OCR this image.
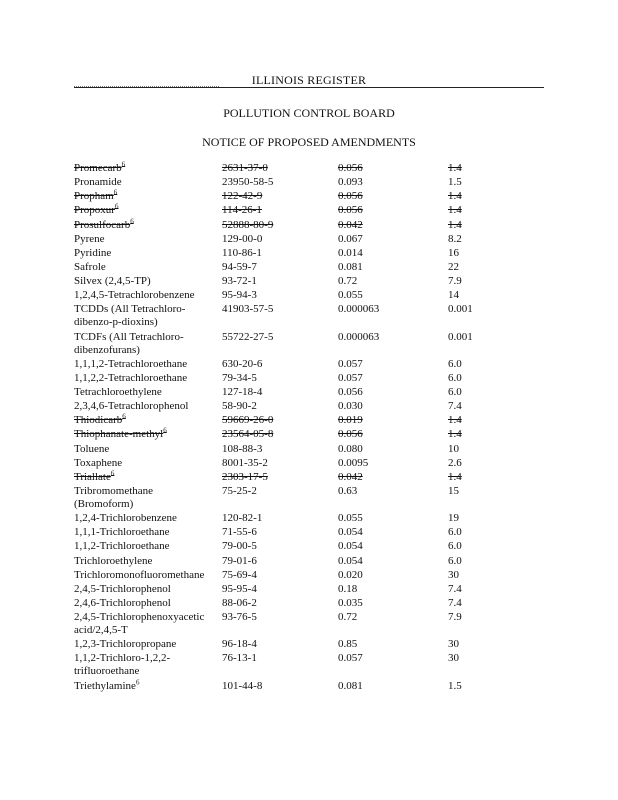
ILLINOIS REGISTER
POLLUTION CONTROL BOARD
NOTICE OF PROPOSED AMENDMENTS
Promecarb$^6$	2631-37-0	0.056	1.4
Pronamide	23950-58-5	0.093	1.5
Propham$^6$	122-42-9	0.056	1.4
Propoxur$^6$	114-26-1	0.056	1.4
Prosulfocarb$^6$	52888-80-9	0.042	1.4
Pyrene	129-00-0	0.067	8.2
Pyridine	110-86-1	0.014	16
Safrole	94-59-7	0.081	22
Silvex (2,4,5-TP)	93-72-1	0.72	7.9
1,2,4,5-Tetrachlorobenzene	95-94-3	0.055	14
TCDDs (All Tetrachloro-
dibenzo-p-dioxins)	41903-57-5	0.000063	0.001
TCDFs (All Tetrachloro-
dibenzofurans)	55722-27-5	0.000063	0.001
1,1,1,2-Tetrachloroethane	630-20-6	0.057	6.0
1,1,2,2-Tetrachloroethane	79-34-5	0.057	6.0
Tetrachloroethylene	127-18-4	0.056	6.0
2,3,4,6-Tetrachlorophenol	58-90-2	0.030	7.4
Thiodicarb$^6$	59669-26-0	0.019	1.4
Thiophanate-methyl$^6$	23564-05-8	0.056	1.4
Toluene	108-88-3	0.080	10
Toxaphene	8001-35-2	0.0095	2.6
Triallate$^6$	2303-17-5	0.042	1.4
Tribromomethane
(Bromoform)	75-25-2	0.63	15
1,2,4-Trichlorobenzene	120-82-1	0.055	19
1,1,1-Trichloroethane	71-55-6	0.054	6.0
1,1,2-Trichloroethane	79-00-5	0.054	6.0
Trichloroethylene	79-01-6	0.054	6.0
Trichloromonofluoromethane	75-69-4	0.020	30
2,4,5-Trichlorophenol	95-95-4	0.18	7.4
2,4,6-Trichlorophenol	88-06-2	0.035	7.4
2,4,5-Trichlorophenoxyacetic
acid/2,4,5-T	93-76-5	0.72	7.9
1,2,3-Trichloropropane	96-18-4	0.85	30
1,1,2-Trichloro-1,2,2-
trifluoroethane	76-13-1	0.057	30
Triethylamine$^6$	101-44-8	0.081	1.5
